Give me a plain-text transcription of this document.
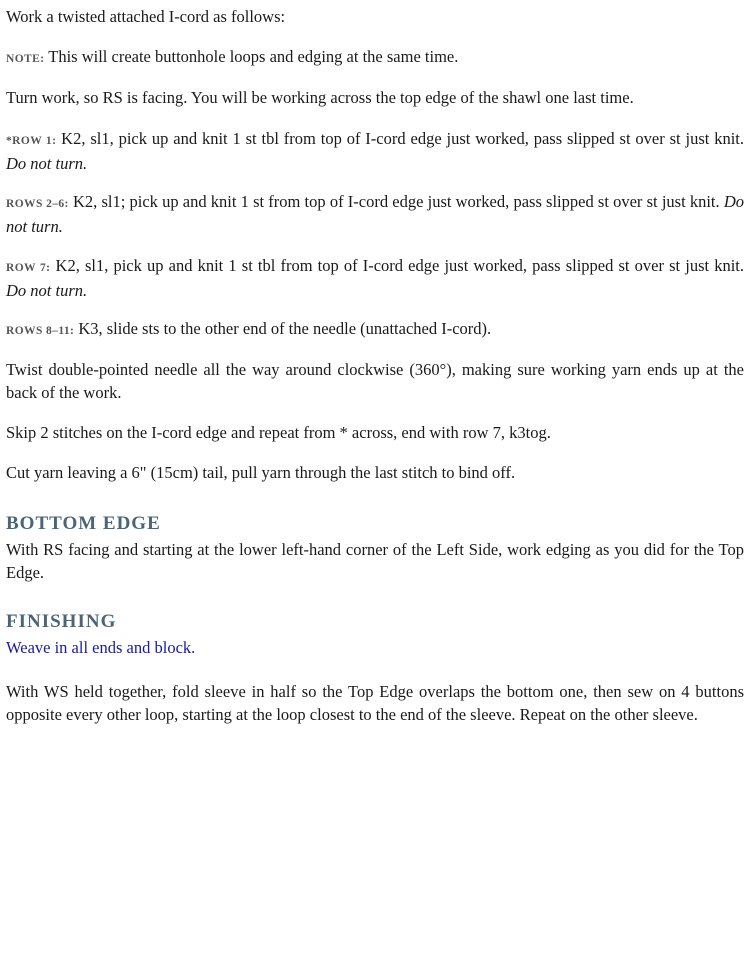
Work a twisted attached I-cord as follows:

NOTE: This will create buttonhole loops and edging at the same time.

Turn work, so RS is facing. You will be working across the top edge of the shawl one last time.

*ROW 1: K2, sl1, pick up and knit 1 st tbl from top of I-cord edge just worked, pass slipped st over st just knit. Do not turn.

ROWS 2–6: K2, sl1; pick up and knit 1 st from top of I-cord edge just worked, pass slipped st over st just knit. Do not turn.

ROW 7: K2, sl1, pick up and knit 1 st tbl from top of I-cord edge just worked, pass slipped st over st just knit. Do not turn.

ROWS 8–11: K3, slide sts to the other end of the needle (unattached I-cord).

Twist double-pointed needle all the way around clockwise (360°), making sure working yarn ends up at the back of the work.

Skip 2 stitches on the I-cord edge and repeat from * across, end with row 7, k3tog.

Cut yarn leaving a 6" (15cm) tail, pull yarn through the last stitch to bind off.

BOTTOM EDGE

With RS facing and starting at the lower left-hand corner of the Left Side, work edging as you did for the Top Edge.

FINISHING

Weave in all ends and block.

With WS held together, fold sleeve in half so the Top Edge overlaps the bottom one, then sew on 4 buttons opposite every other loop, starting at the loop closest to the end of the sleeve. Repeat on the other sleeve.
